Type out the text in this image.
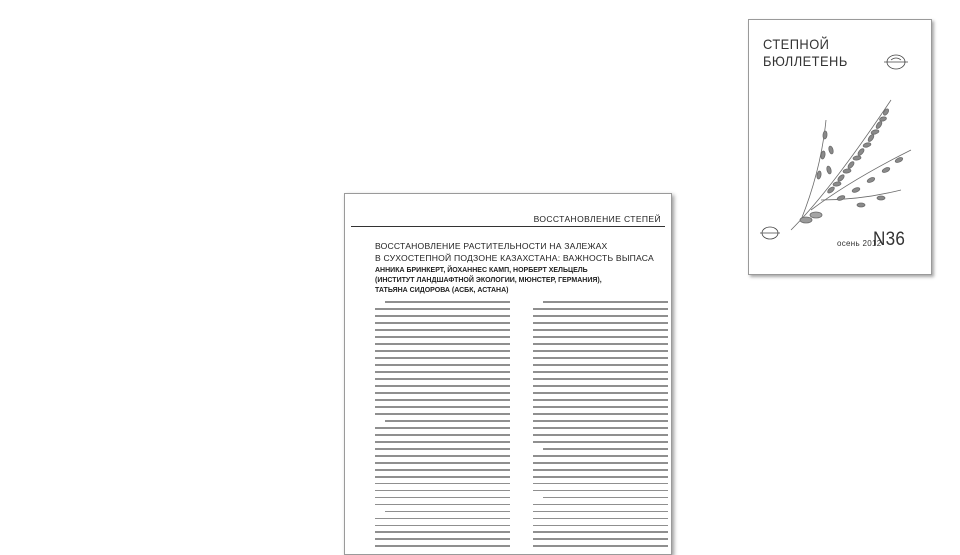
СТЕПНОЙ
БЮЛЛЕТЕНЬ
осень 2012
N36
ВОССТАНОВЛЕНИЕ СТЕПЕЙ
ВОССТАНОВЛЕНИЕ РАСТИТЕЛЬНОСТИ НА ЗАЛЕЖАХ
В СУХОСТЕПНОЙ ПОДЗОНЕ КАЗАХСТАНА: ВАЖНОСТЬ ВЫПАСА
АННИКА БРИНКЕРТ, ЙОХАННЕС КАМП, НОРБЕРТ ХЕЛЬЦЕЛЬ
(ИНСТИТУТ ЛАНДШАФТНОЙ ЭКОЛОГИИ, МЮНСТЕР, ГЕРМАНИЯ),
ТАТЬЯНА СИДОРОВА (АСБК, АСТАНА)
